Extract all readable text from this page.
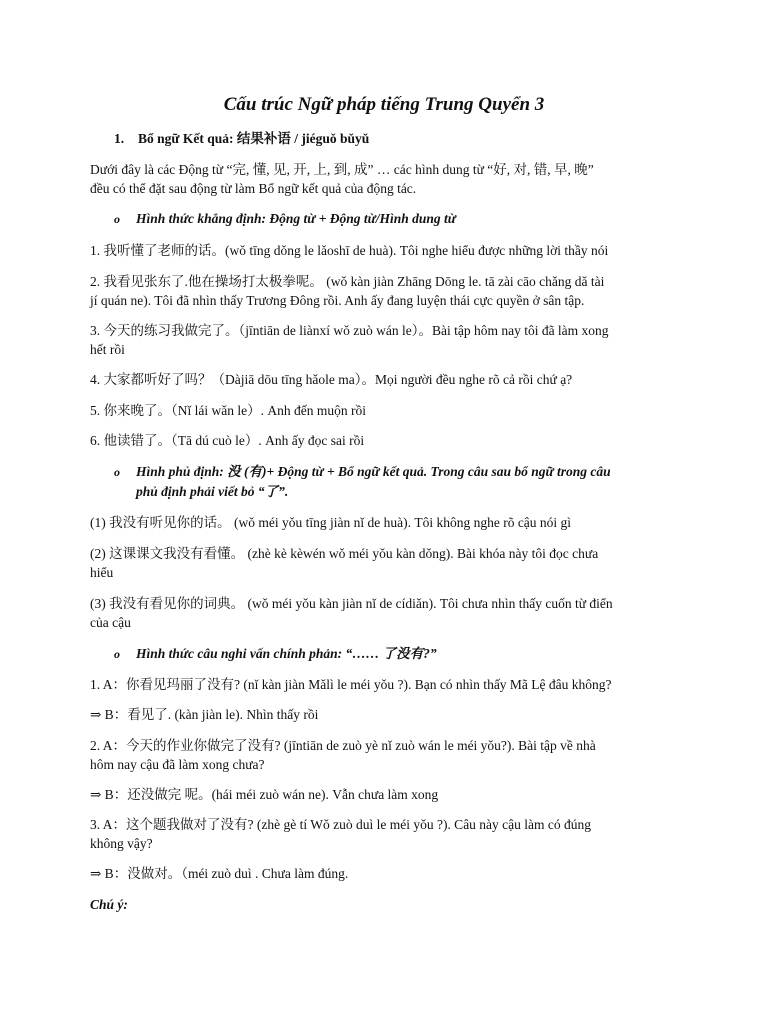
Cấu trúc Ngữ pháp tiếng Trung Quyển 3
1. Bổ ngữ Kết quả: 结果补语 / jiéguǒ bǔyǔ
Dưới đây là các Động từ “完, 懂, 见, 开, 上, 到, 成” … các hình dung từ “好, 对, 错, 早, 晚”
đều có thể đặt sau động từ làm Bổ ngữ kết quả của động tác.
o Hình thức khẳng định: Động từ + Động từ/Hình dung từ
1. 我听懂了老师的话。(wǒ tīng dǒng le lǎoshī de huà). Tôi nghe hiểu được những lời thầy nói
2. 我看见张东了.他在操场打太极拳呢。 (wǒ kàn jiàn Zhāng Dōng le. tā zài cāo chǎng dǎ tài
jí quán ne). Tôi đã nhìn thấy Trương Đông rồi. Anh ấy đang luyện thái cực quyền ở sân tập.
3. 今天的练习我做完了。（jīntiān de liànxí wǒ zuò wán le）。Bài tập hôm nay tôi đã làm xong
hết rồi
4. 大家都听好了吗？（Dàjiā dōu tīng hǎole ma）。Mọi người đều nghe rõ cả rồi chứ ạ?
5. 你来晚了。（Nǐ lái wǎn le）. Anh đến muộn rồi
6. 他读错了。（Tā dú cuò le）. Anh ấy đọc sai rồi
o Hình phủ định: 没 (有)+ Động từ + Bổ ngữ kết quả. Trong câu sau bổ ngữ trong câu
phủ định phải viết bỏ “了”.
(1) 我没有听见你的话。 (wǒ méi yǒu tīng jiàn nǐ de huà). Tôi không nghe rõ cậu nói gì
(2) 这课课文我没有看懂。 (zhè kè kèwén wǒ méi yǒu kàn dǒng). Bài khóa này tôi đọc chưa
hiểu
(3) 我没有看见你的词典。 (wǒ méi yǒu kàn jiàn nǐ de cídiǎn). Tôi chưa nhìn thấy cuốn từ điển
của cậu
o Hình thức câu nghi vấn chính phản: “…… 了没有?”
1. A：你看见玛丽了没有? (nǐ kàn jiàn Mǎlì le méi yǒu ?). Bạn có nhìn thấy Mã Lệ đâu không?
⇒ B：看见了. (kàn jiàn le). Nhìn thấy rồi
2. A：今天的作业你做完了没有? (jīntiān de zuò yè nǐ zuò wán le méi yǒu?). Bài tập về nhà
hôm nay cậu đã làm xong chưa?
⇒ B：还没做完 呢。(hái méi zuò wán ne). Vẫn chưa làm xong
3. A：这个题我做对了没有? (zhè gè tí Wǒ zuò duì le méi yǒu ?). Câu này cậu làm có đúng
không vậy?
⇒ B：没做对。（méi zuò duì . Chưa làm đúng.
Chú ý:
